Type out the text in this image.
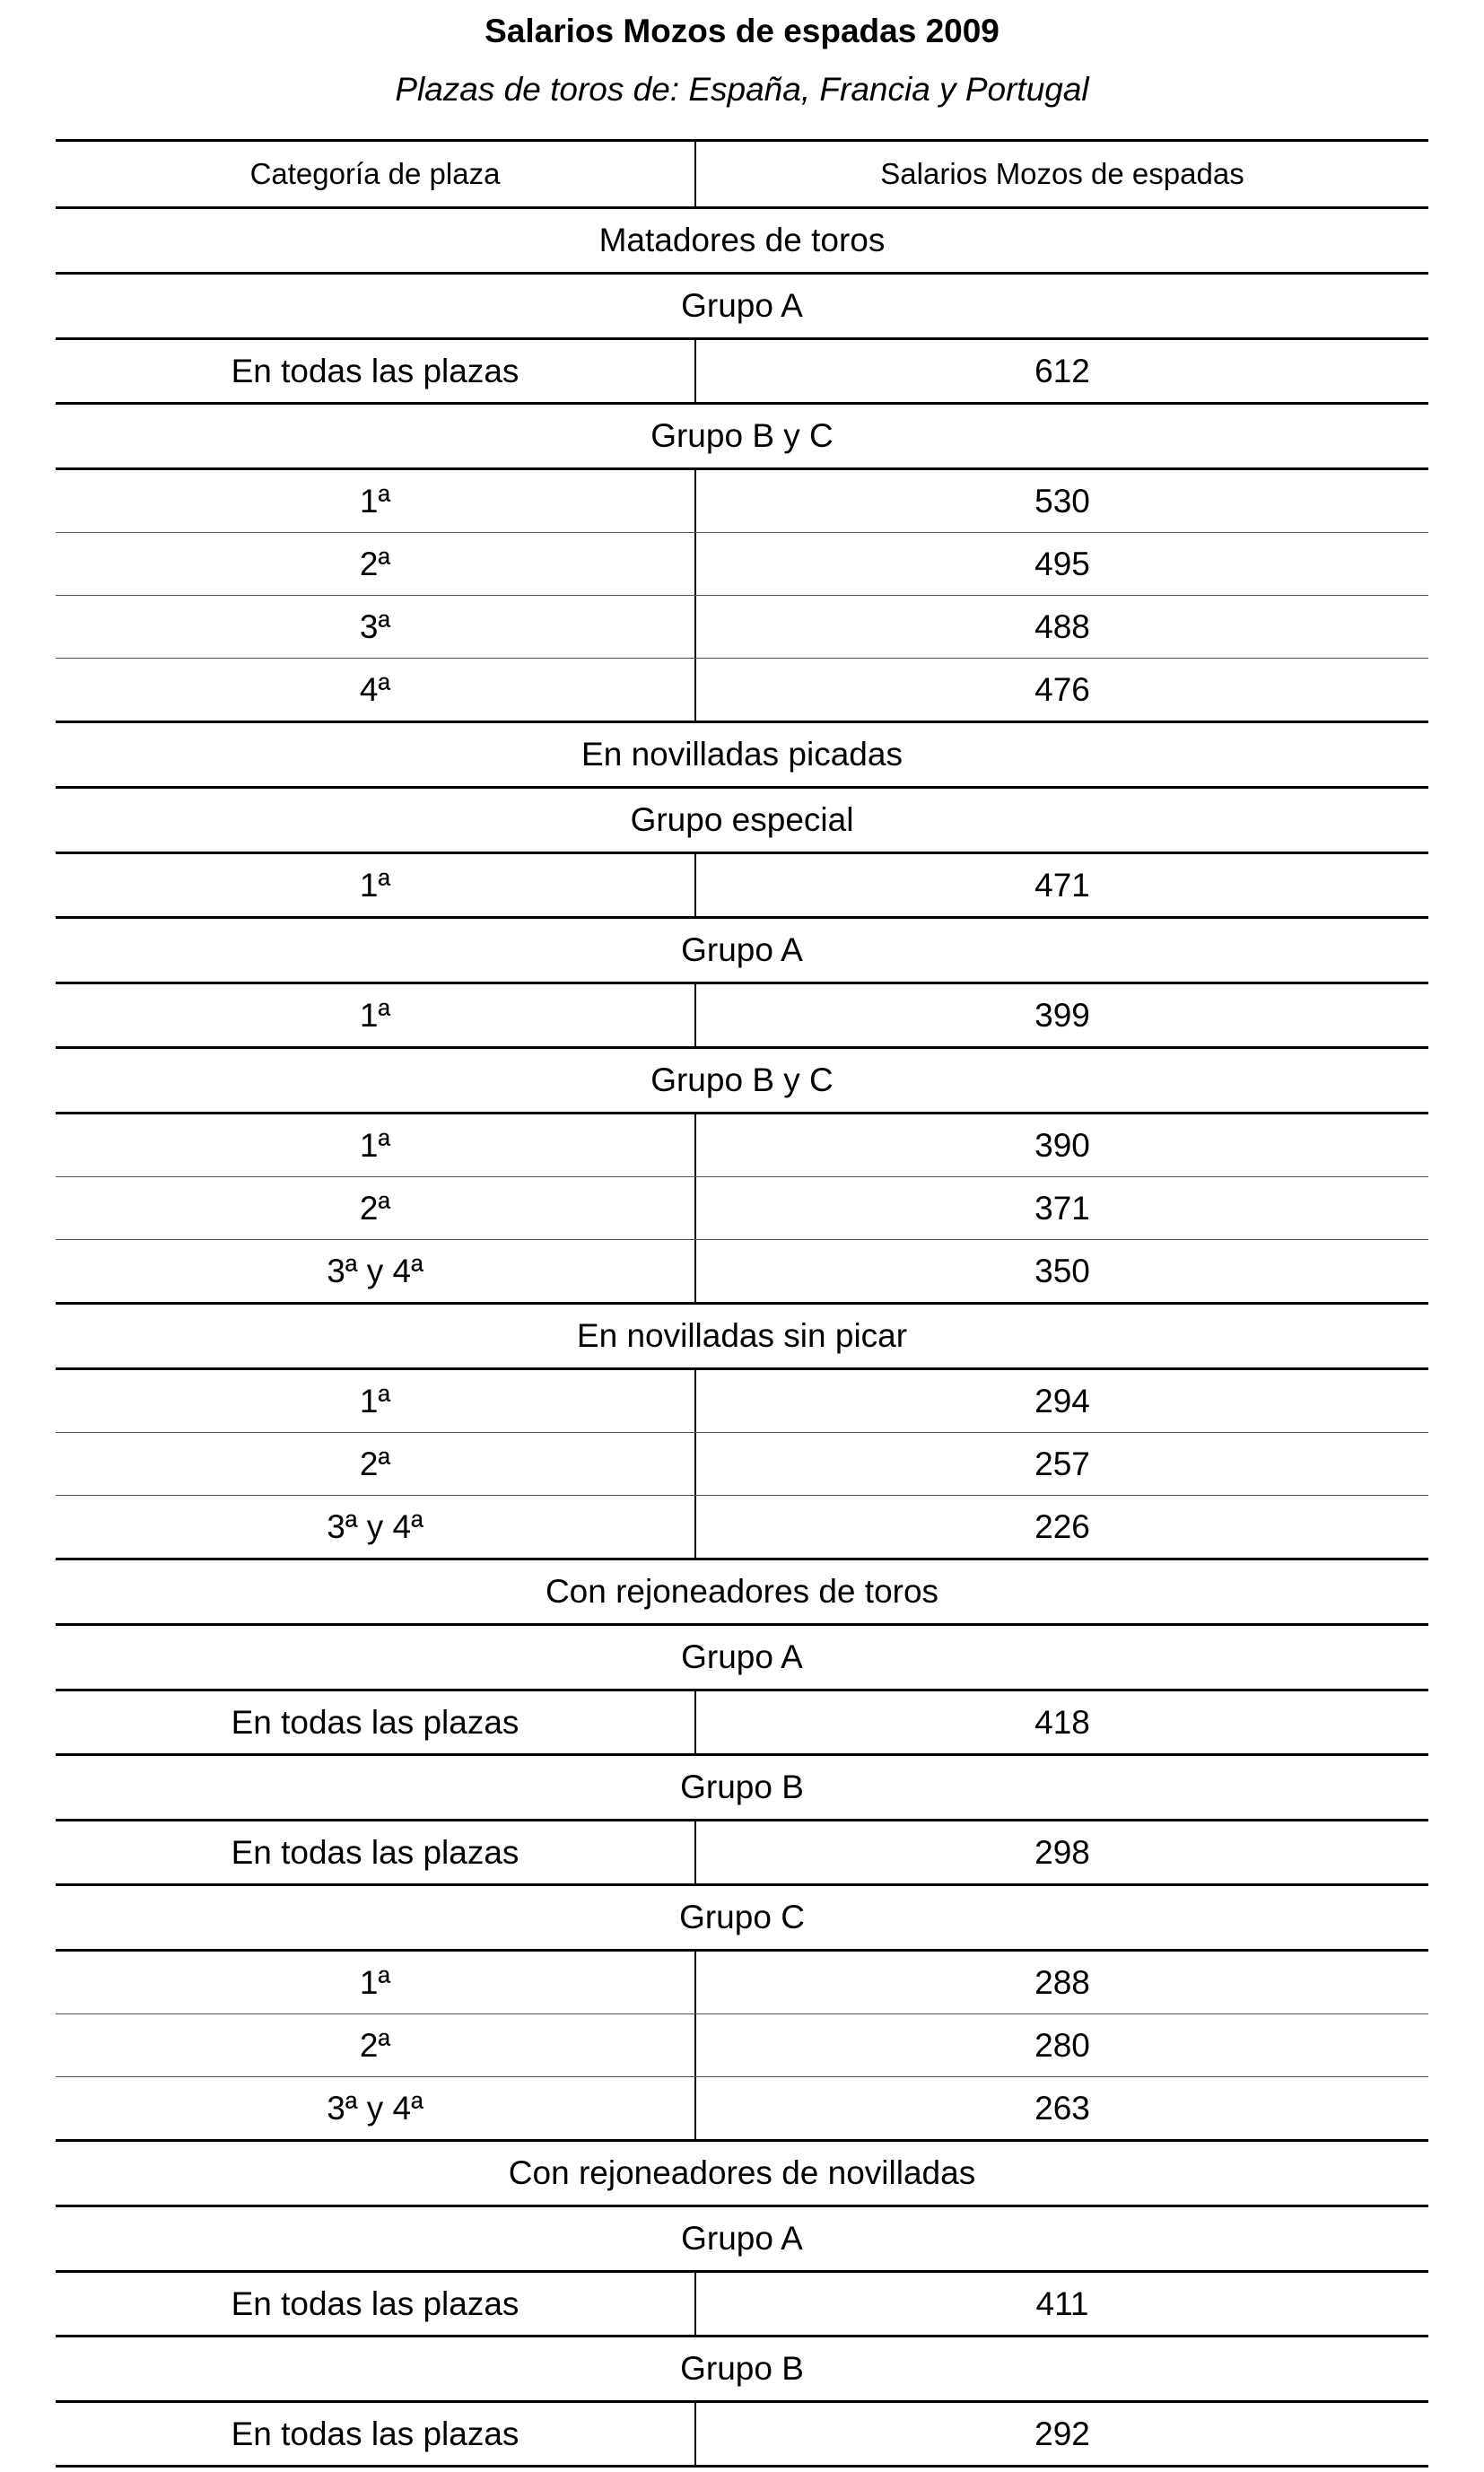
Salarios Mozos de espadas 2009
Plazas de toros de: España, Francia y Portugal
Categoría de plaza	Salarios Mozos de espadas
Matadores de toros
Grupo A
En todas las plazas	612
Grupo B y C
1ª	530
2ª	495
3ª	488
4ª	476
En novilladas picadas
Grupo especial
1ª	471
Grupo A
1ª	399
Grupo B y C
1ª	390
2ª	371
3ª y 4ª	350
En novilladas sin picar
1ª	294
2ª	257
3ª y 4ª	226
Con rejoneadores de toros
Grupo A
En todas las plazas	418
Grupo B
En todas las plazas	298
Grupo C
1ª	288
2ª	280
3ª y 4ª	263
Con rejoneadores de novilladas
Grupo A
En todas las plazas	411
Grupo B
En todas las plazas	292
